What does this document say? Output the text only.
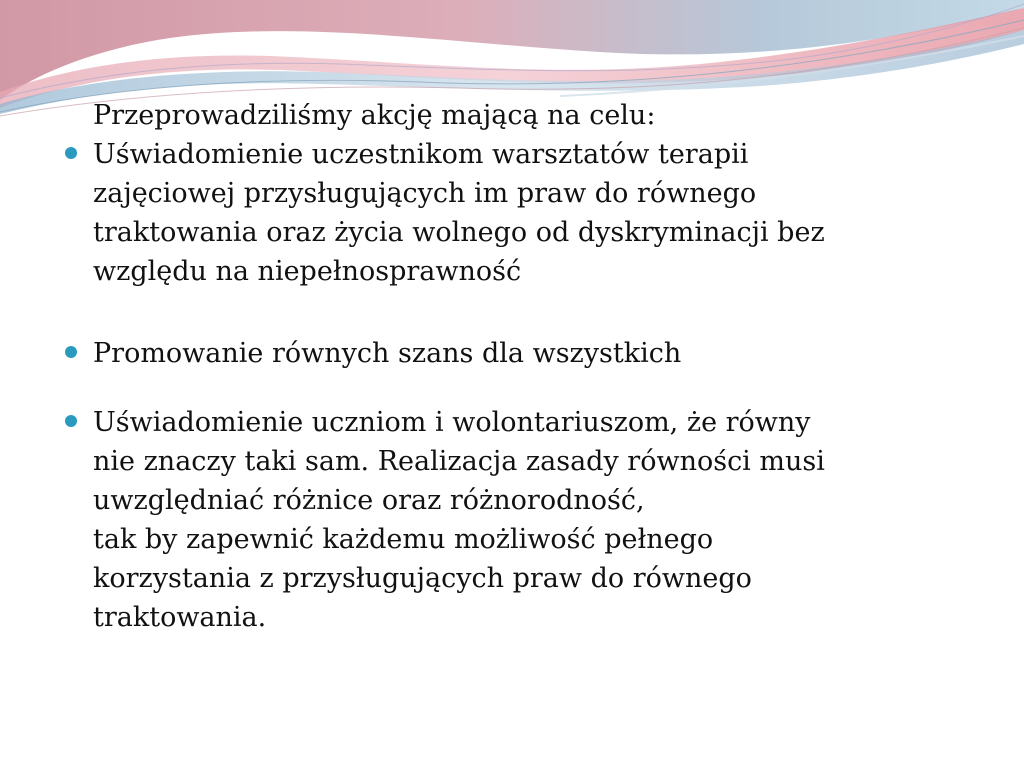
Przeprowadziliśmy akcję mającą na celu:

Uświadomienie uczestnikom warsztatów terapii
zajęciowej przysługujących im praw do równego
traktowania oraz życia wolnego od dyskryminacji bez
względu na niepełnosprawność
Promowanie równych szans dla wszystkich
Uświadomienie uczniom i wolontariuszom, że równy
nie znaczy taki sam. Realizacja zasady równości musi
uwzględniać różnice oraz różnorodność,
tak by zapewnić każdemu możliwość pełnego
korzystania z przysługujących praw do równego
traktowania.
